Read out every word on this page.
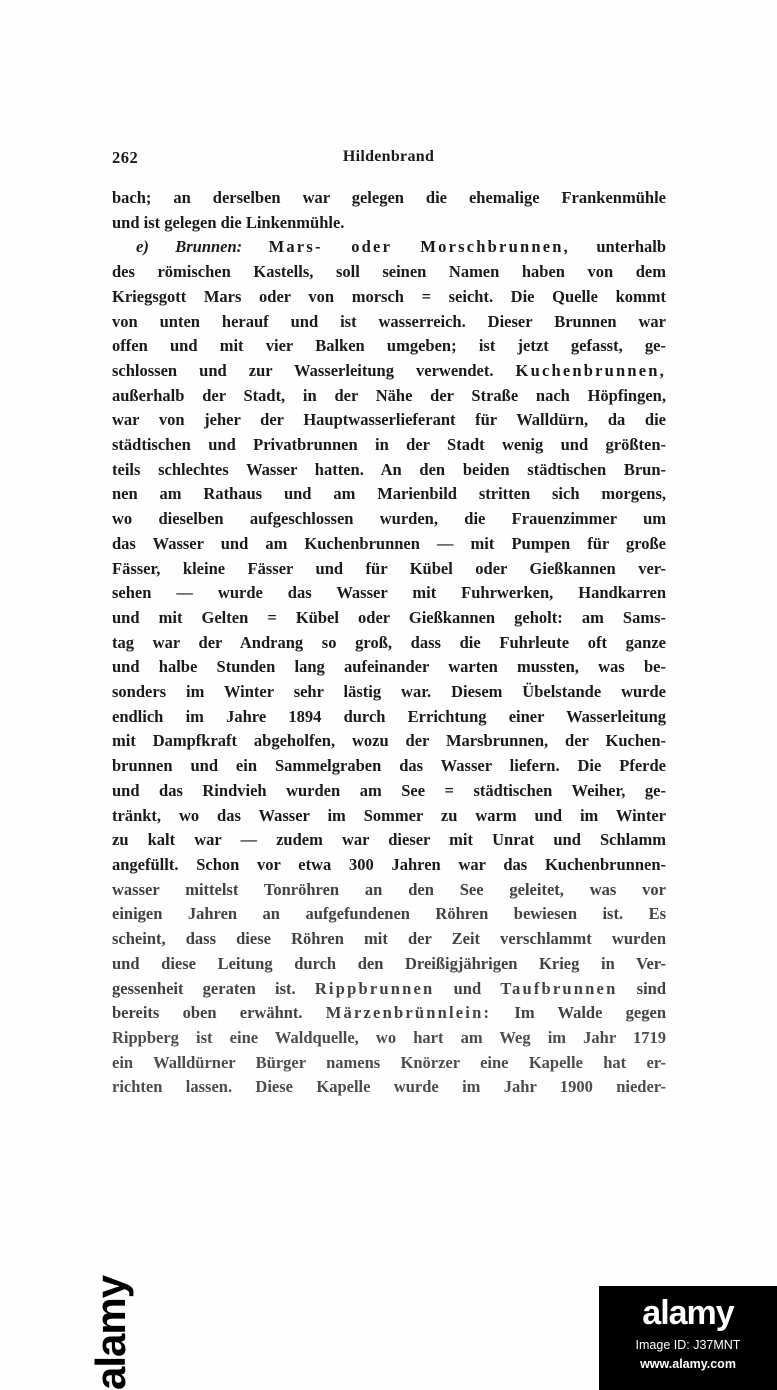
262	Hildenbrand
bach; an derselben war gelegen die ehemalige Frankenmühle
und ist gelegen die Linkenmühle.
e) Brunnen: Mars- oder Morschbrunnen, unterhalb
des römischen Kastells, soll seinen Namen haben von dem
Kriegsgott Mars oder von morsch = seicht. Die Quelle kommt
von unten herauf und ist wasserreich. Dieser Brunnen war
offen und mit vier Balken umgeben; ist jetzt gefasst, ge-
schlossen und zur Wasserleitung verwendet. Kuchenbrunnen,
außerhalb der Stadt, in der Nähe der Straße nach Höpfingen,
war von jeher der Hauptwasserlieferant für Walldürn, da die
städtischen und Privatbrunnen in der Stadt wenig und größten-
teils schlechtes Wasser hatten. An den beiden städtischen Brun-
nen am Rathaus und am Marienbild stritten sich morgens,
wo dieselben aufgeschlossen wurden, die Frauenzimmer um
das Wasser und am Kuchenbrunnen — mit Pumpen für große
Fässer, kleine Fässer und für Kübel oder Gießkannen ver-
sehen — wurde das Wasser mit Fuhrwerken, Handkarren
und mit Gelten = Kübel oder Gießkannen geholt: am Sams-
tag war der Andrang so groß, dass die Fuhrleute oft ganze
und halbe Stunden lang aufeinander warten mussten, was be-
sonders im Winter sehr lästig war. Diesem Übelstande wurde
endlich im Jahre 1894 durch Errichtung einer Wasserleitung
mit Dampfkraft abgeholfen, wozu der Marsbrunnen, der Kuchen-
brunnen und ein Sammelgraben das Wasser liefern. Die Pferde
und das Rindvieh wurden am See = städtischen Weiher, ge-
tränkt, wo das Wasser im Sommer zu warm und im Winter
zu kalt war — zudem war dieser mit Unrat und Schlamm
angefüllt. Schon vor etwa 300 Jahren war das Kuchenbrunnen-
wasser mittelst Tonröhren an den See geleitet, was vor
einigen Jahren an aufgefundenen Röhren bewiesen ist. Es
scheint, dass diese Röhren mit der Zeit verschlammt wurden
und diese Leitung durch den Dreißigjährigen Krieg in Ver-
gessenheit geraten ist. Rippbrunnen und Taufbrunnen sind
bereits oben erwähnt. Märzenbrünnlein: Im Walde gegen
Rippberg ist eine Waldquelle, wo hart am Weg im Jahr 1719
ein Walldürner Bürger namens Knörzer eine Kapelle hat er-
richten lassen. Diese Kapelle wurde im Jahr 1900 nieder-
alamy	alamy
Image ID: J37MNT
www.alamy.com
